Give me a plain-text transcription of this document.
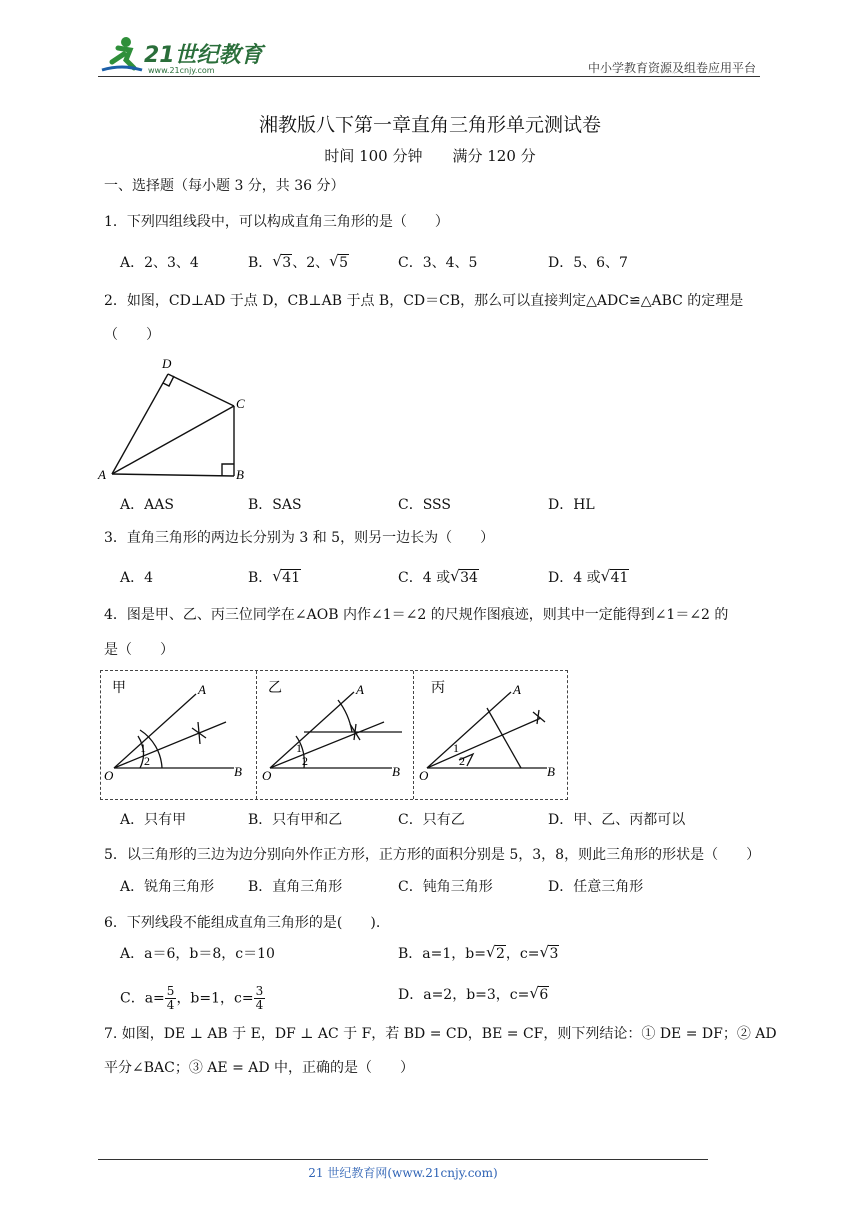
21世纪教育
www.21cnjy.com	中小学教育资源及组卷应用平台
湘教版八下第一章直角三角形单元测试卷
时间 100 分钟　　满分 120 分
一、选择题（每小题 3 分，共 36 分）
1．下列四组线段中，可以构成直角三角形的是（　　）
A．2、3、4	B． √ 3、2、 √ 5	C．3、4、5	D．5、6、7
2．如图，CD⊥AD 于点 D，CB⊥AB 于点 B，CD＝CB，那么可以直接判定△ADC≌△ABC 的定理是
（　　）
D
C
A	B
A．AAS	B．SAS	C．SSS	D．HL
3．直角三角形的两边长分别为 3 和 5，则另一边长为（　　）
A．4	B． √ 41	C．4 或 √ 34	D．4 或 √ 41
4．图是甲、乙、丙三位同学在∠AOB 内作∠1＝∠2 的尺规作图痕迹，则其中一定能得到∠1＝∠2 的
是（　　）
甲	A
B
O
1
2
乙	A
B
O
1
2
丙	A
B
O
1
2
A．只有甲	B．只有甲和乙	C．只有乙	D．甲、乙、丙都可以
5．以三角形的三边为边分别向外作正方形，正方形的面积分别是 5，3，8，则此三角形的形状是（　　）
A．锐角三角形 B．直角三角形	C．钝角三角形	D．任意三角形
6．下列线段不能组成直角三角形的是(　　).
A．a＝6，b＝8，c＝10	B．a=1，b= √ 2，c= √ 3
C．$a= \frac{5}{4}$ ，b=1，$c= \frac{3}{4}$	D．a=2，b=3，c= √ 6
7. 如图，DE ⊥ AB 于 E，DF ⊥ AC 于 F，若 BD = CD，BE = CF，则下列结论：① DE = DF；② AD
平分∠BAC；③ AE = AD 中，正确的是（　　）
21 世纪教育网(www.21cnjy.com)
